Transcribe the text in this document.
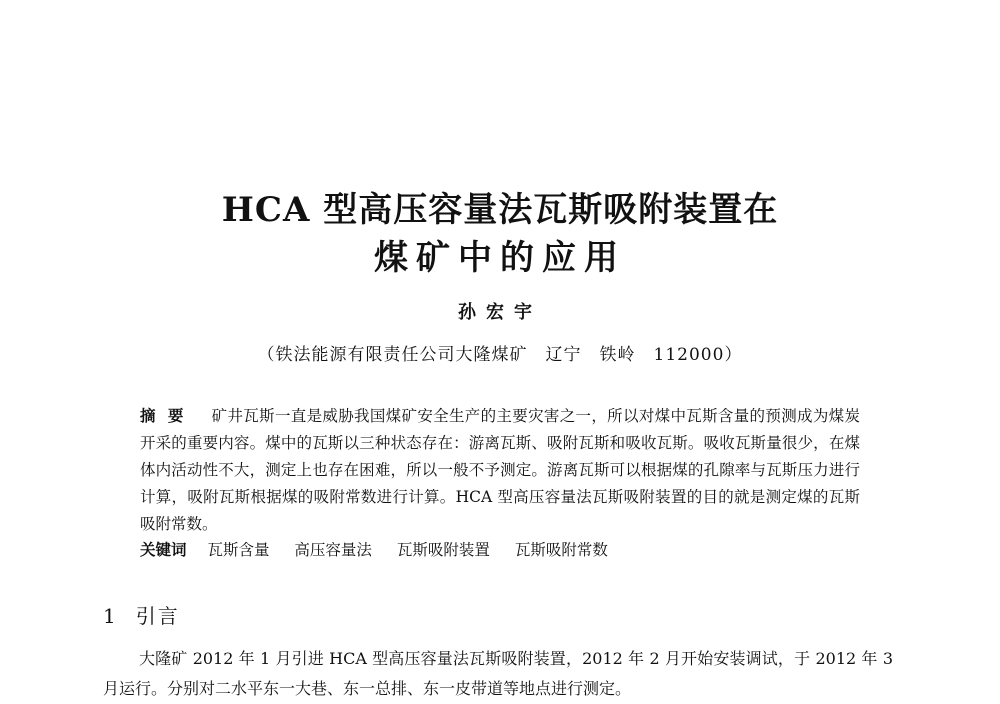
HCA 型高压容量法瓦斯吸附装置在
煤矿中的应用
孙宏宇
（铁法能源有限责任公司大隆煤矿　辽宁　铁岭　112000）
摘要 矿井瓦斯一直是威胁我国煤矿安全生产的主要灾害之一，所以对煤中瓦斯含量的预测成为煤炭开采的重要内容。煤中的瓦斯以三种状态存在：游离瓦斯、吸附瓦斯和吸收瓦斯。吸收瓦斯量很少，在煤体内活动性不大，测定上也存在困难，所以一般不予测定。游离瓦斯可以根据煤的孔隙率与瓦斯压力进行计算，吸附瓦斯根据煤的吸附常数进行计算。HCA 型高压容量法瓦斯吸附装置的目的就是测定煤的瓦斯吸附常数。
关键词 瓦斯含量 高压容量法 瓦斯吸附装置 瓦斯吸附常数
1 引言
大隆矿 2012 年 1 月引进 HCA 型高压容量法瓦斯吸附装置，2012 年 2 月开始安装调试，于 2012 年 3 月运行。分别对二水平东一大巷、东一总排、东一皮带道等地点进行测定。
